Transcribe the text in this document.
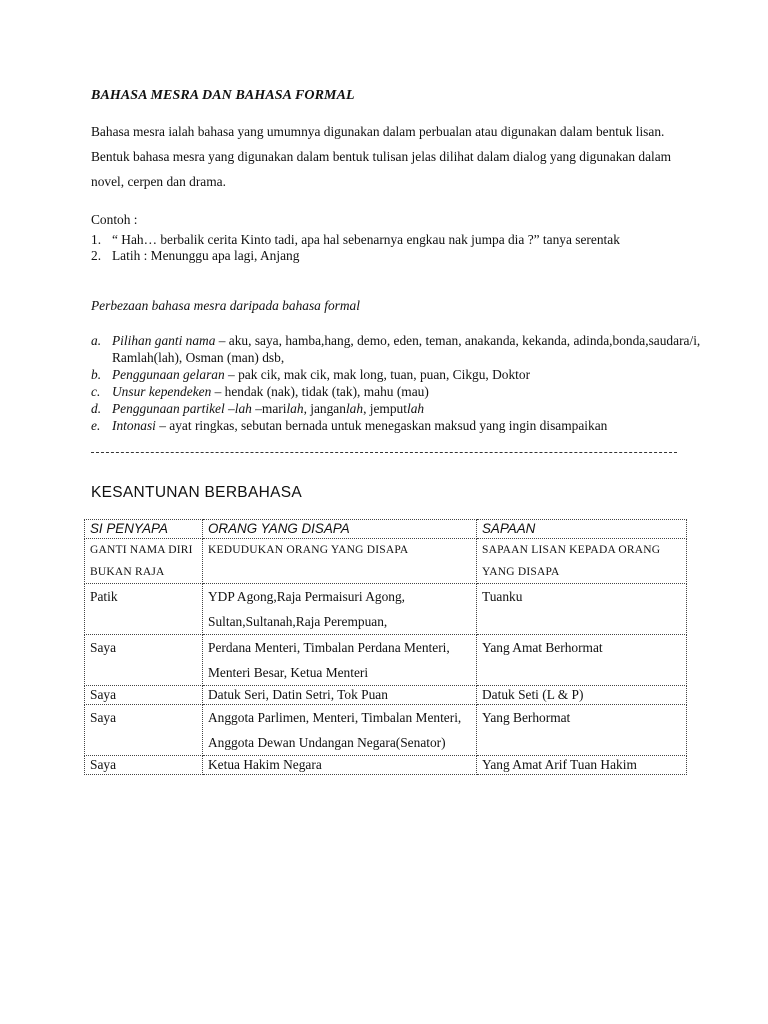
BAHASA MESRA DAN BAHASA FORMAL
Bahasa mesra ialah bahasa yang umumnya digunakan dalam perbualan atau digunakan dalam bentuk lisan. Bentuk bahasa mesra yang digunakan dalam bentuk tulisan jelas dilihat dalam dialog yang digunakan dalam novel, cerpen dan drama.
Contoh :
1. “ Hah… berbalik cerita Kinto tadi, apa hal sebenarnya engkau nak jumpa dia ?” tanya serentak
2. Latih : Menunggu apa lagi, Anjang
Perbezaan bahasa mesra daripada bahasa formal
a. Pilihan ganti nama – aku, saya, hamba,hang, demo, eden, teman, anakanda, kekanda, adinda,bonda,saudara/i, Ramlah(lah), Osman (man) dsb,
b. Penggunaan gelaran – pak cik, mak cik, mak long, tuan, puan, Cikgu, Doktor
c. Unsur kependeken – hendak (nak), tidak (tak), mahu (mau)
d. Penggunaan partikel –lah –marilah, janganlah, jemputlah
e. Intonasi – ayat ringkas, sebutan bernada untuk menegaskan maksud yang ingin disampaikan
KESANTUNAN BERBAHASA
SI PENYAPA	ORANG YANG DISAPA	SAPAAN
GANTI NAMA DIRI BUKAN RAJA	KEDUDUKAN ORANG YANG DISAPA	SAPAAN LISAN KEPADA ORANG YANG DISAPA
Patik	YDP Agong,Raja Permaisuri Agong, Sultan,Sultanah,Raja Perempuan,	Tuanku
Saya	Perdana Menteri, Timbalan Perdana Menteri, Menteri Besar, Ketua Menteri	Yang Amat Berhormat
Saya	Datuk Seri, Datin Setri, Tok Puan	Datuk Seti (L & P)
Saya	Anggota Parlimen, Menteri, Timbalan Menteri, Anggota Dewan Undangan Negara(Senator)	Yang Berhormat
Saya	Ketua Hakim Negara	Yang Amat Arif Tuan Hakim
